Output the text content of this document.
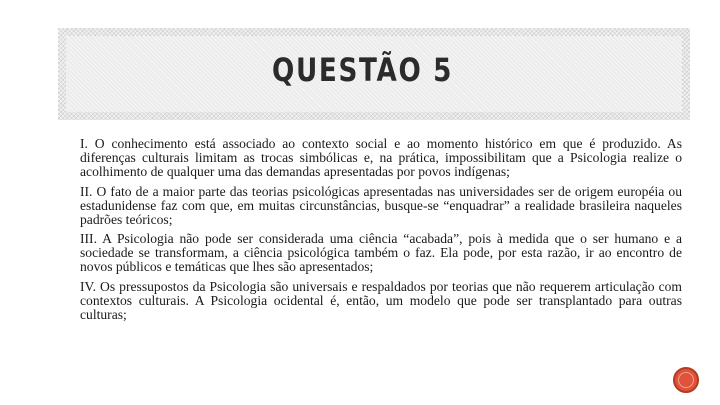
QUESTÃO 5

I. O conhecimento está associado ao contexto social e ao momento histórico em que é produzido. As diferenças culturais limitam as trocas simbólicas e, na prática, impossibilitam que a Psicologia realize o acolhimento de qualquer uma das demandas apresentadas por povos indígenas;

II. O fato de a maior parte das teorias psicológicas apresentadas nas universidades ser de origem européia ou estadunidense faz com que, em muitas circunstâncias, busque-se “enquadrar” a realidade brasileira naqueles padrões teóricos;

III. A Psicologia não pode ser considerada uma ciência “acabada”, pois à medida que o ser humano e a sociedade se transformam, a ciência psicológica também o faz. Ela pode, por esta razão, ir ao encontro de novos públicos e temáticas que lhes são apresentados;

IV. Os pressupostos da Psicologia são universais e respaldados por teorias que não requerem articulação com contextos culturais. A Psicologia ocidental é, então, um modelo que pode ser transplantado para outras culturas;
